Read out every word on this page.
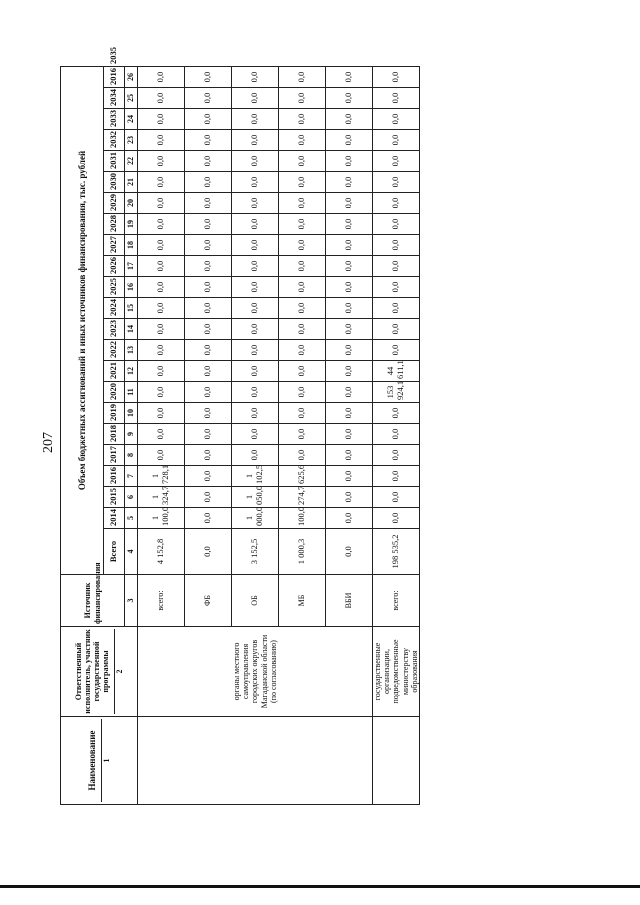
207
Наименование 1	Ответственный исполнитель, участник государственной программы 2	Источник финансирования	Объем бюджетных ассигнований и иных источников финансирования, тыс. рублей																							
			Всего	2014	2015	2016	2017	2018	2019	2020	2021	2022	2023	2024	2025	2026	2027	2028	2029	2030	2031	2032	2033	2034	2016	2035
		3	4	5	6	7	8	9	10	11	12	13	14	15	16	17	18	19	20	21	22	23	24	25	26	
	органы местного самоуправления городских округов Магаданской области (по согласованию)	всего:	4 152,8	1 100,0	1 324,7	1 728,1	0,0	0,0	0,0	0,0	0,0	0,0	0,0	0,0	0,0	0,0	0,0	0,0	0,0	0,0	0,0	0,0	0,0	0,0	0,0	
		ФБ	0,0	0,0	0,0	0,0	0,0	0,0	0,0	0,0	0,0	0,0	0,0	0,0	0,0	0,0	0,0	0,0	0,0	0,0	0,0	0,0	0,0	0,0	0,0	
		ОБ	3 152,5	1 000,0	1 050,0	1 102,5	0,0	0,0	0,0	0,0	0,0	0,0	0,0	0,0	0,0	0,0	0,0	0,0	0,0	0,0	0,0	0,0	0,0	0,0	0,0	
		МБ	1 000,3	100,0	274,7	625,6	0,0	0,0	0,0	0,0	0,0	0,0	0,0	0,0	0,0	0,0	0,0	0,0	0,0	0,0	0,0	0,0	0,0	0,0	0,0	
		ВБИ	0,0	0,0	0,0	0,0	0,0	0,0	0,0	0,0	0,0	0,0	0,0	0,0	0,0	0,0	0,0	0,0	0,0	0,0	0,0	0,0	0,0	0,0	0,0	
	государственные организации, подведомственные министерству образования	всего:	198 535,2	0,0	0,0	0,0	0,0	0,0	0,0	153 924,1	44 611,1	0,0	0,0	0,0	0,0	0,0	0,0	0,0	0,0	0,0	0,0	0,0	0,0	0,0	0,0	
